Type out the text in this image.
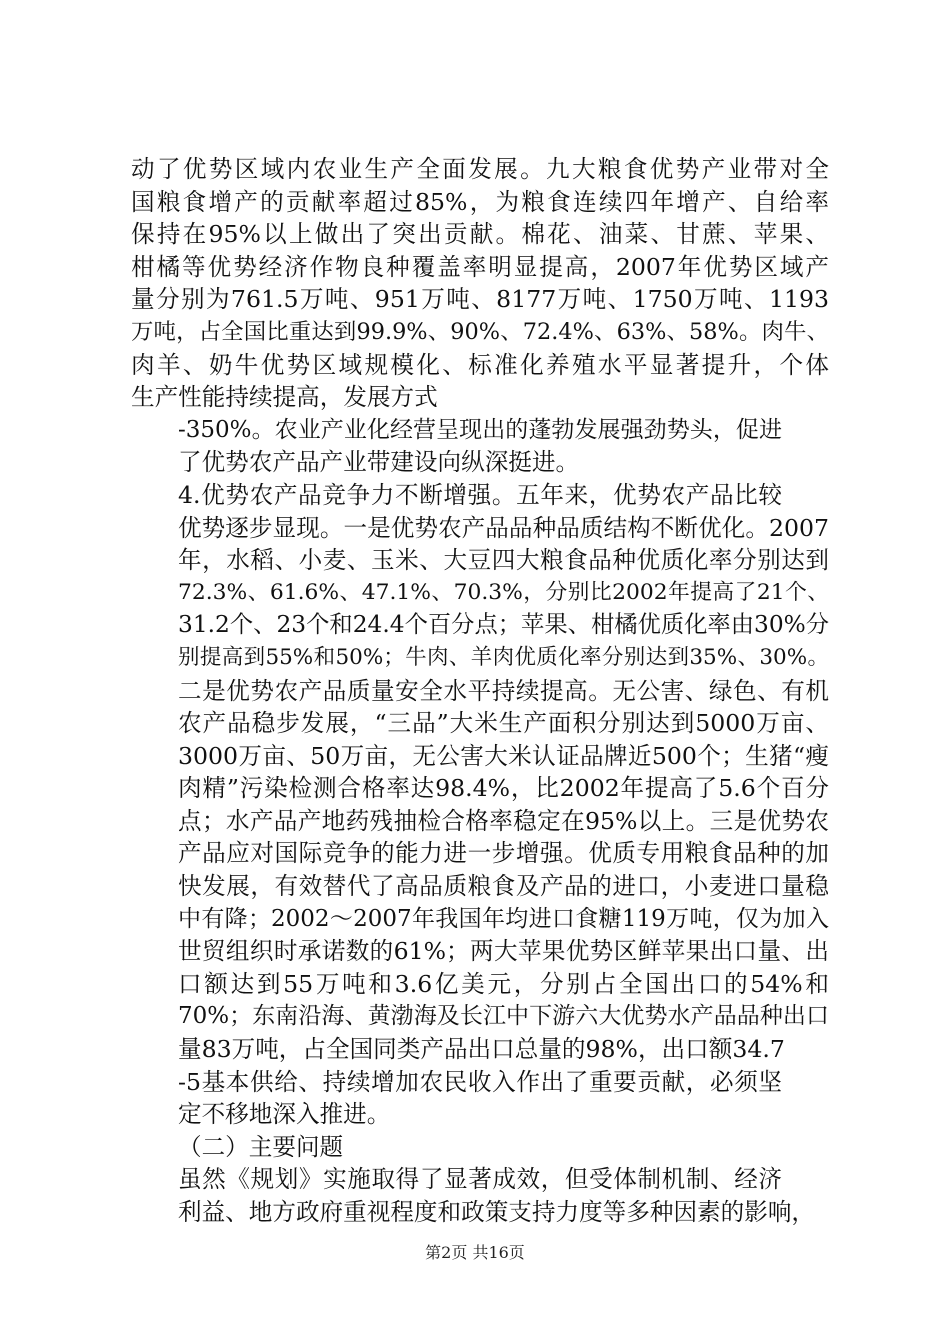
动了优势区域内农业生产全面发展。九大粮食优势产业带对全
国粮食增产的贡献率超过85%，为粮食连续四年增产、自给率
保持在95%以上做出了突出贡献。棉花、油菜、甘蔗、苹果、
柑橘等优势经济作物良种覆盖率明显提高，2007年优势区域产
量分别为761.5万吨、951万吨、8177万吨、1750万吨、1193
万吨，占全国比重达到99.9%、90%、72.4%、63%、58%。肉牛、
肉羊、奶牛优势区域规模化、标准化养殖水平显著提升，个体
生产性能持续提高，发展方式
-350%。农业产业化经营呈现出的蓬勃发展强劲势头，促进
了优势农产品产业带建设向纵深挺进。
4.优势农产品竞争力不断增强。五年来，优势农产品比较
优势逐步显现。一是优势农产品品种品质结构不断优化。2007
年，水稻、小麦、玉米、大豆四大粮食品种优质化率分别达到
72.3%、61.6%、47.1%、70.3%，分别比2002年提高了21个、
31.2个、23个和24.4个百分点；苹果、柑橘优质化率由30%分
别提高到55%和50%；牛肉、羊肉优质化率分别达到35%、30%。
二是优势农产品质量安全水平持续提高。无公害、绿色、有机
农产品稳步发展，“三品”大米生产面积分别达到5000万亩、
3000万亩、50万亩，无公害大米认证品牌近500个；生猪“瘦
肉精”污染检测合格率达98.4%，比2002年提高了5.6个百分
点；水产品产地药残抽检合格率稳定在95%以上。三是优势农
产品应对国际竞争的能力进一步增强。优质专用粮食品种的加
快发展，有效替代了高品质粮食及产品的进口，小麦进口量稳
中有降；2002～2007年我国年均进口食糖119万吨，仅为加入
世贸组织时承诺数的61%；两大苹果优势区鲜苹果出口量、出
口额达到55万吨和3.6亿美元，分别占全国出口的54%和
70%；东南沿海、黄渤海及长江中下游六大优势水产品品种出口
量83万吨，占全国同类产品出口总量的98%，出口额34.7
-5基本供给、持续增加农民收入作出了重要贡献，必须坚
定不移地深入推进。
（二）主要问题
虽然《规划》实施取得了显著成效，但受体制机制、经济
利益、地方政府重视程度和政策支持力度等多种因素的影响，
第2页 共16页
